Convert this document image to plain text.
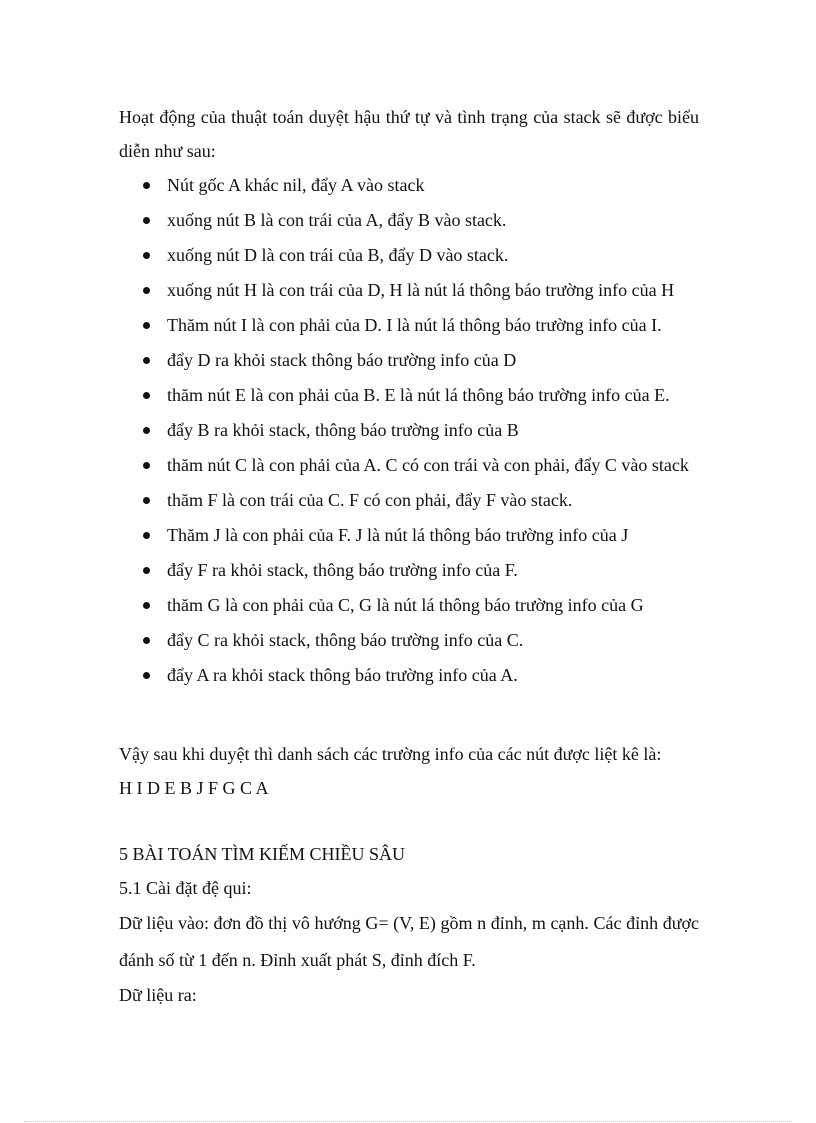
Hoạt động của thuật toán duyệt hậu thứ tự và tình trạng của stack sẽ được biểu diễn như sau:

Nút gốc A khác nil, đẩy A vào stack
xuống nút B là con trái của A, đẩy B vào stack.
xuống nút D là con trái của B, đẩy D vào stack.
xuống nút H là con trái của D, H là nút lá thông báo trường info của H
Thăm nút I là con phải của D. I là nút lá thông báo trường info của I.
đẩy D ra khỏi stack thông báo trường info của D
thăm nút E là con phải của B. E là nút lá thông báo trường info của E.
đẩy B ra khỏi stack, thông báo trường info của B
thăm nút C là con phải của A. C có con trái và con phải, đẩy C vào stack
thăm F là con trái của C. F có con phải, đẩy F vào stack.
Thăm J là con phải của F. J là nút lá thông báo trường info của J
đẩy F ra khỏi stack, thông báo trường info của F.
thăm G là con phải của C, G là nút lá thông báo trường info của G
đẩy C ra khỏi stack, thông báo trường info của C.
đẩy A ra khỏi stack thông báo trường info của A.
Vậy sau khi duyệt thì danh sách các trường info của các nút được liệt kê là:
H I D E B J F G C A
5 BÀI TOÁN TÌM KIẾM CHIỀU SÂU
5.1 Cài đặt đệ qui:

Dữ liệu vào: đơn đồ thị vô hướng G= (V, E) gồm n đỉnh, m cạnh. Các đỉnh được đánh số từ 1 đến n. Đỉnh xuất phát S, đỉnh đích F.

Dữ liệu ra:
